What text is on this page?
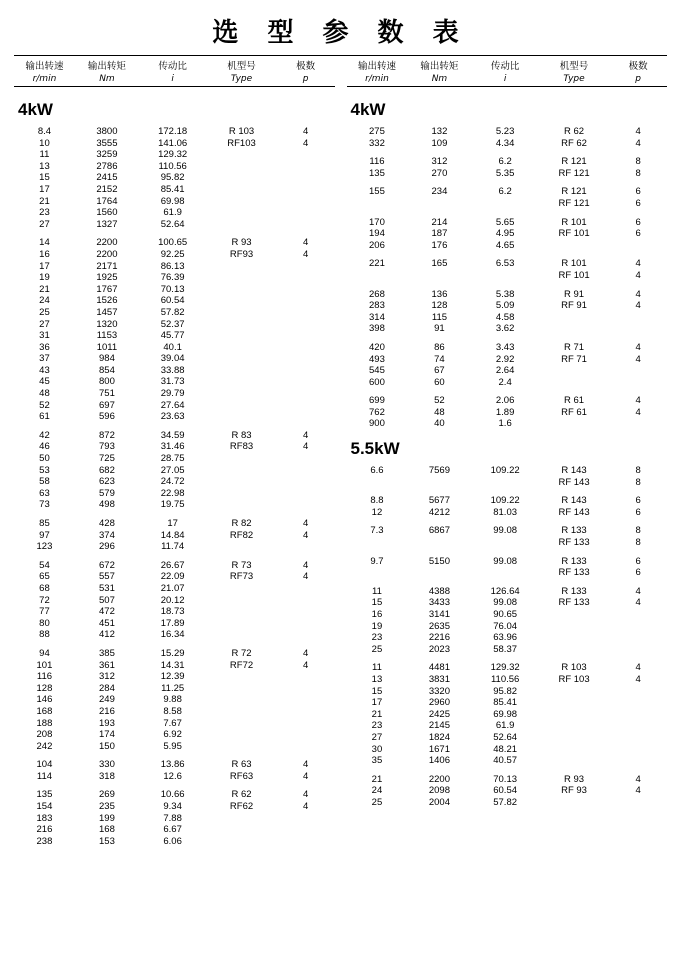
选 型 参 数 表
输出转速	输出转矩	传动比	机型号	极数
r/min	Nm	i	Type	p
4kW
8.4	3800	172.18	R 103	4
10	3555	141.06	RF103	4
11	3259	129.32		
13	2786	110.56		
15	2415	95.82		
17	2152	85.41		
21	1764	69.98		
23	1560	61.9		
27	1327	52.64		

14	2200	100.65	R 93	4
16	2200	92.25	RF93	4
17	2171	86.13		
19	1925	76.39		
21	1767	70.13		
24	1526	60.54		
25	1457	57.82		
27	1320	52.37		
31	1153	45.77		
36	1011	40.1		
37	984	39.04		
43	854	33.88		
45	800	31.73		
48	751	29.79		
52	697	27.64		
61	596	23.63		

42	872	34.59	R 83	4
46	793	31.46	RF83	4
50	725	28.75		
53	682	27.05		
58	623	24.72		
63	579	22.98		
73	498	19.75		

85	428	17	R 82	4
97	374	14.84	RF82	4
123	296	11.74		

54	672	26.67	R 73	4
65	557	22.09	RF73	4
68	531	21.07		
72	507	20.12		
77	472	18.73		
80	451	17.89		
88	412	16.34		

94	385	15.29	R 72	4
101	361	14.31	RF72	4
116	312	12.39		
128	284	11.25		
146	249	9.88		
168	216	8.58		
188	193	7.67		
208	174	6.92		
242	150	5.95		

104	330	13.86	R 63	4
114	318	12.6	RF63	4

135	269	10.66	R 62	4
154	235	9.34	RF62	4
183	199	7.88		
216	168	6.67		
238	153	6.06		
输出转速	输出转矩	传动比	机型号	极数
r/min	Nm	i	Type	p
4kW
275	132	5.23	R 62	4
332	109	4.34	RF 62	4

116	312	6.2	R 121	8
135	270	5.35	RF 121	8

155	234	6.2	R 121	6
			RF 121	6

170	214	5.65	R 101	6
194	187	4.95	RF 101	6
206	176	4.65		

221	165	6.53	R 101	4
			RF 101	4

268	136	5.38	R 91	4
283	128	5.09	RF 91	4
314	115	4.58		
398	91	3.62		

420	86	3.43	R 71	4
493	74	2.92	RF 71	4
545	67	2.64		
600	60	2.4		

699	52	2.06	R 61	4
762	48	1.89	RF 61	4
900	40	1.6		
5.5kW
6.6	7569	109.22	R 143	8
			RF 143	8

8.8	5677	109.22	R 143	6
12	4212	81.03	RF 143	6

7.3	6867	99.08	R 133	8
			RF 133	8

9.7	5150	99.08	R 133	6
			RF 133	6

11	4388	126.64	R 133	4
15	3433	99.08	RF 133	4
16	3141	90.65		
19	2635	76.04		
23	2216	63.96		
25	2023	58.37		

11	4481	129.32	R 103	4
13	3831	110.56	RF 103	4
15	3320	95.82		
17	2960	85.41		
21	2425	69.98		
23	2145	61.9		
27	1824	52.64		
30	1671	48.21		
35	1406	40.57		

21	2200	70.13	R 93	4
24	2098	60.54	RF 93	4
25	2004	57.82		
